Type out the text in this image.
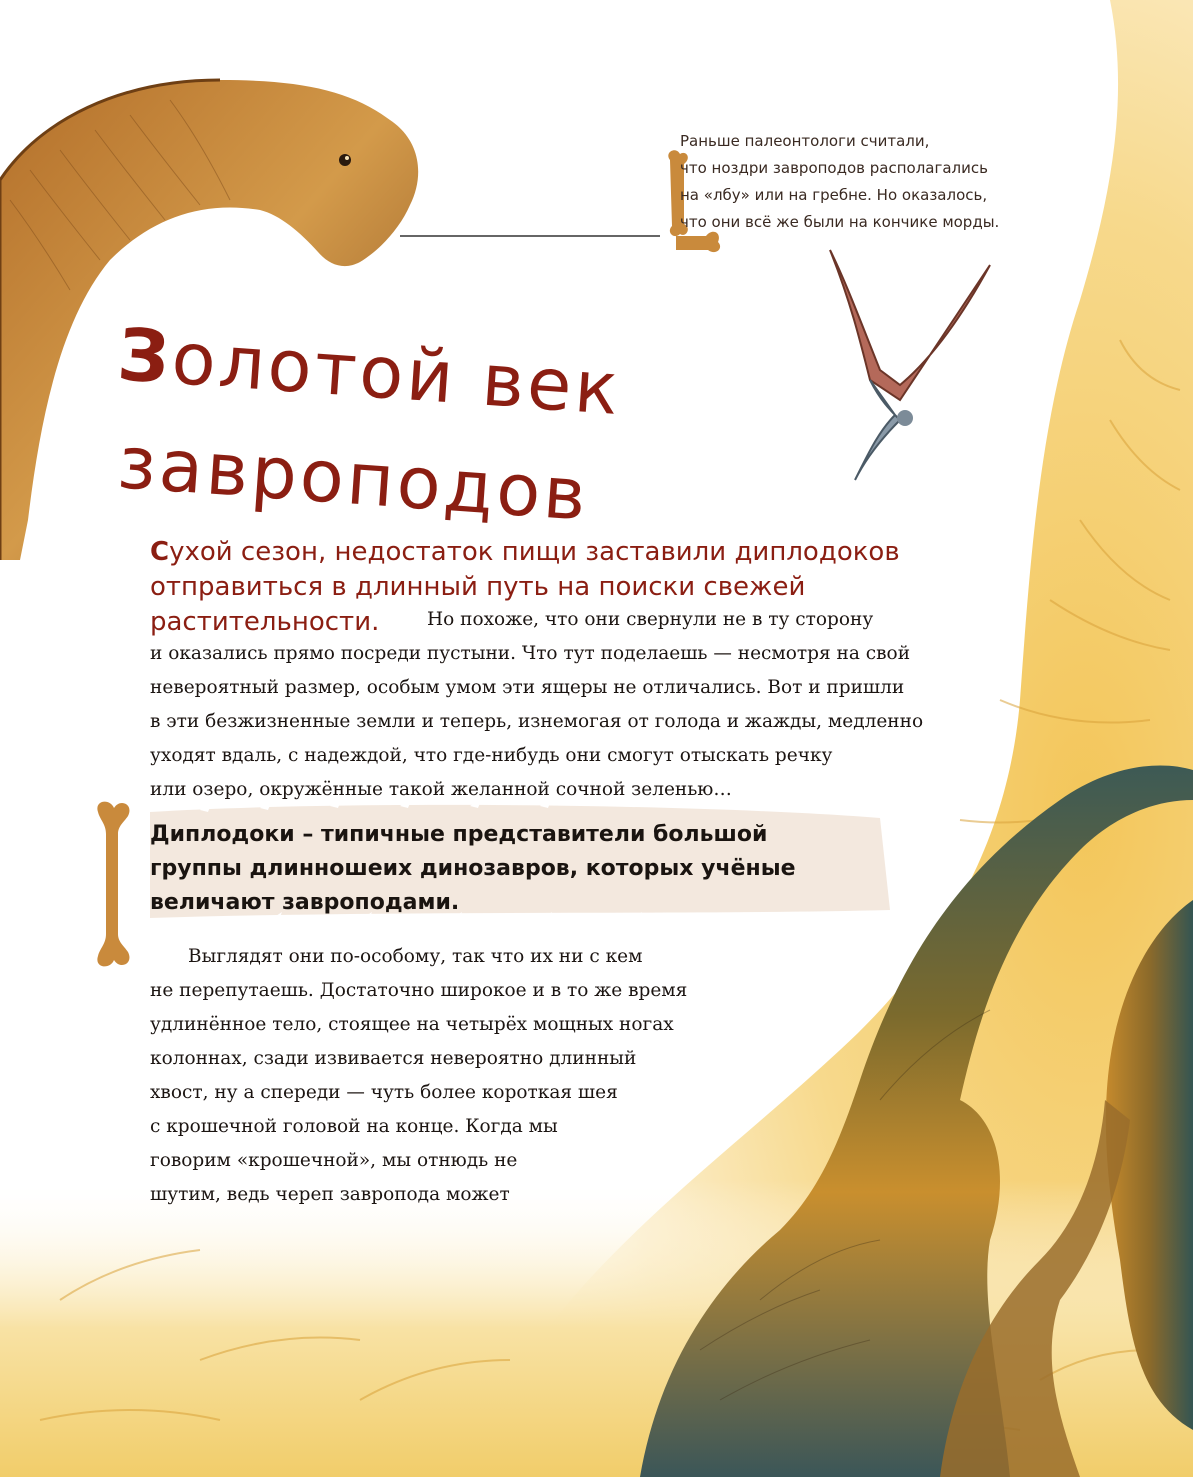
Раньше палеонтологи считали,

что ноздри завроподов располагались

на «лбу» или на гребне. Но оказалось,

что они всё же были на кончике морды.

Золотой век
завроподов
Сухой сезон, недостаток пищи заставили диплодоков
отправиться в длинный путь на поиски свежей
растительности.	Но похоже, что они свернули не в ту сторону
и оказались прямо посреди пустыни. Что тут поделаешь — несмотря на свой
невероятный размер, особым умом эти ящеры не отличались. Вот и пришли
в эти безжизненные земли и теперь, изнемогая от голода и жажды, медленно
уходят вдаль, с надеждой, что где-нибудь они смогут отыскать речку
или озеро, окружённые такой желанной сочной зеленью…
Диплодоки – типичные представители большой
группы длинношеих динозавров, которых учёные
величают завроподами.
Выглядят они по-особому, так что их ни с кем
не перепутаешь. Достаточно широкое и в то же время
удлинённое тело, стоящее на четырёх мощных ногах
колоннах, сзади извивается невероятно длинный
хвост, ну а спереди — чуть более короткая шея
с крошечной головой на конце. Когда мы
говорим «крошечной», мы отнюдь не
шутим, ведь череп завропода может
